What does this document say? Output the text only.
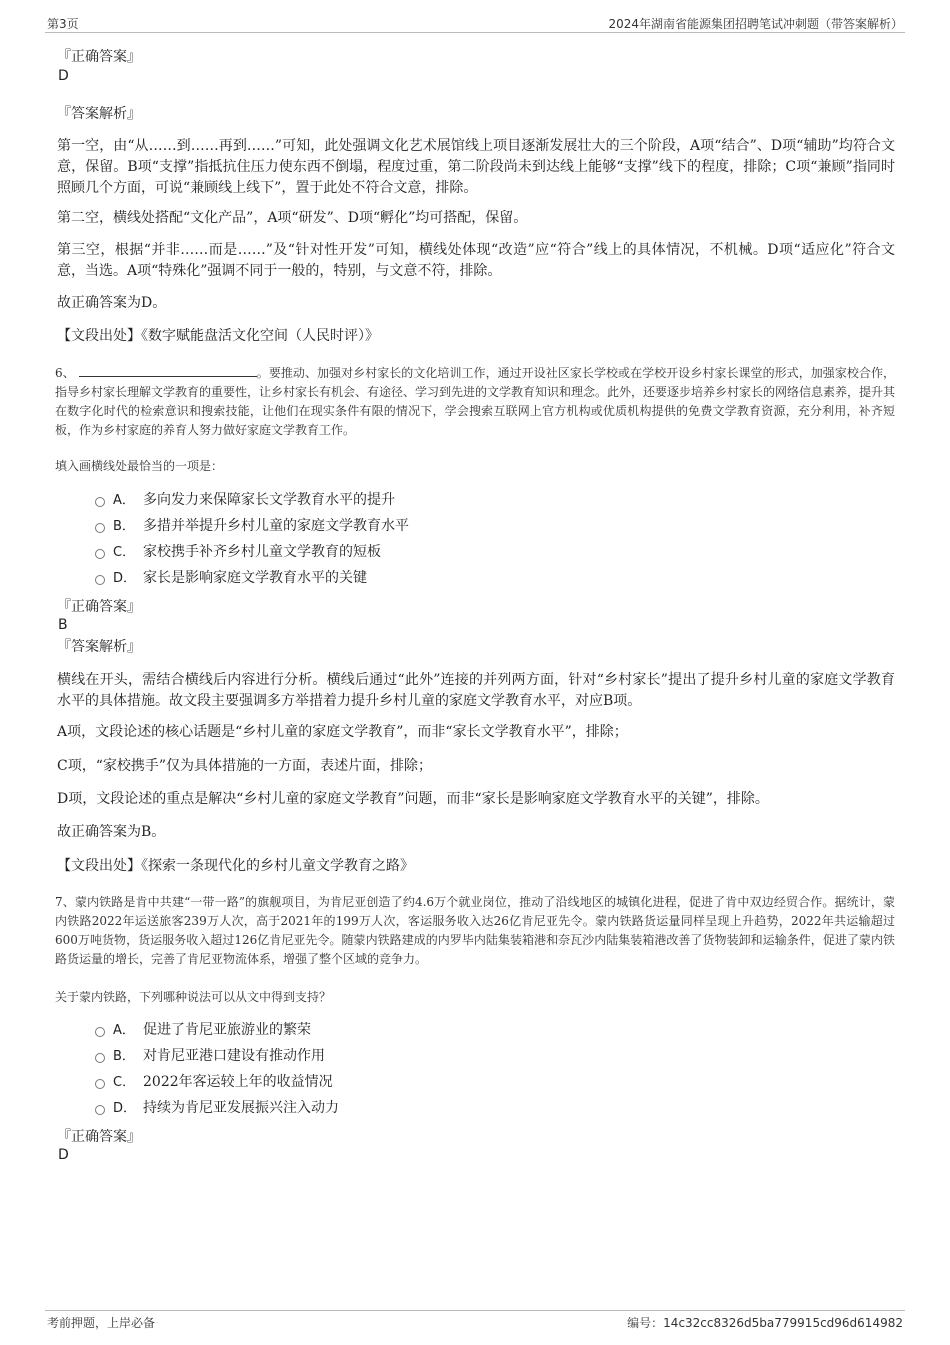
第3页	2024年湖南省能源集团招聘笔试冲刺题（带答案解析）
『正确答案』
D
『答案解析』
第一空，由“从……到……再到……”可知，此处强调文化艺术展馆线上项目逐渐发展壮大的三个阶段，A项“结合”、D项“辅助”均符合文意，保留。B项“支撑”指抵抗住压力使东西不倒塌，程度过重，第二阶段尚未到达线上能够“支撑”线下的程度，排除；C项“兼顾”指同时照顾几个方面，可说“兼顾线上线下”，置于此处不符合文意，排除。
第二空，横线处搭配“文化产品”，A项“研发”、D项“孵化”均可搭配，保留。
第三空，根据“并非……而是……”及“针对性开发”可知，横线处体现“改造”应“符合”线上的具体情况，不机械。D项“适应化”符合文意，当选。A项“特殊化”强调不同于一般的，特别，与文意不符，排除。
故正确答案为D。
【文段出处】《数字赋能盘活文化空间（人民时评）》
6、	。要推动、加强对乡村家长的文化培训工作，通过开设社区家长学校或在学校开设乡村家长课堂的形式，加强家校合作，指导乡村家长理解文学教育的重要性，让乡村家长有机会、有途径、学习到先进的文学教育知识和理念。此外，还要逐步培养乡村家长的网络信息素养，提升其在数字化时代的检索意识和搜索技能，让他们在现实条件有限的情况下，学会搜索互联网上官方机构或优质机构提供的免费文学教育资源，充分利用，补齐短板，作为乡村家庭的养育人努力做好家庭文学教育工作。
填入画横线处最恰当的一项是：
A． 多向发力来保障家长文学教育水平的提升
B． 多措并举提升乡村儿童的家庭文学教育水平
C． 家校携手补齐乡村儿童文学教育的短板
D． 家长是影响家庭文学教育水平的关键
『正确答案』
B
『答案解析』
横线在开头，需结合横线后内容进行分析。横线后通过“此外”连接的并列两方面，针对“乡村家长”提出了提升乡村儿童的家庭文学教育水平的具体措施。故文段主要强调多方举措着力提升乡村儿童的家庭文学教育水平，对应B项。
A项，文段论述的核心话题是“乡村儿童的家庭文学教育”，而非“家长文学教育水平”，排除；
C项，“家校携手”仅为具体措施的一方面，表述片面，排除；
D项，文段论述的重点是解决“乡村儿童的家庭文学教育”问题，而非“家长是影响家庭文学教育水平的关键”，排除。
故正确答案为B。
【文段出处】《探索一条现代化的乡村儿童文学教育之路》
7、蒙内铁路是肯中共建“一带一路”的旗舰项目，为肯尼亚创造了约4.6万个就业岗位，推动了沿线地区的城镇化进程，促进了肯中双边经贸合作。据统计，蒙内铁路2022年运送旅客239万人次，高于2021年的199万人次，客运服务收入达26亿肯尼亚先令。蒙内铁路货运量同样呈现上升趋势，2022年共运输超过600万吨货物，货运服务收入超过126亿肯尼亚先令。随蒙内铁路建成的内罗毕内陆集装箱港和奈瓦沙内陆集装箱港改善了货物装卸和运输条件，促进了蒙内铁路货运量的增长，完善了肯尼亚物流体系，增强了整个区域的竞争力。
关于蒙内铁路，下列哪种说法可以从文中得到支持？
A． 促进了肯尼亚旅游业的繁荣
B． 对肯尼亚港口建设有推动作用
C． 2022年客运较上年的收益情况
D． 持续为肯尼亚发展振兴注入动力
『正确答案』
D
考前押题，上岸必备	编号：14c32cc8326d5ba779915cd96d614982
